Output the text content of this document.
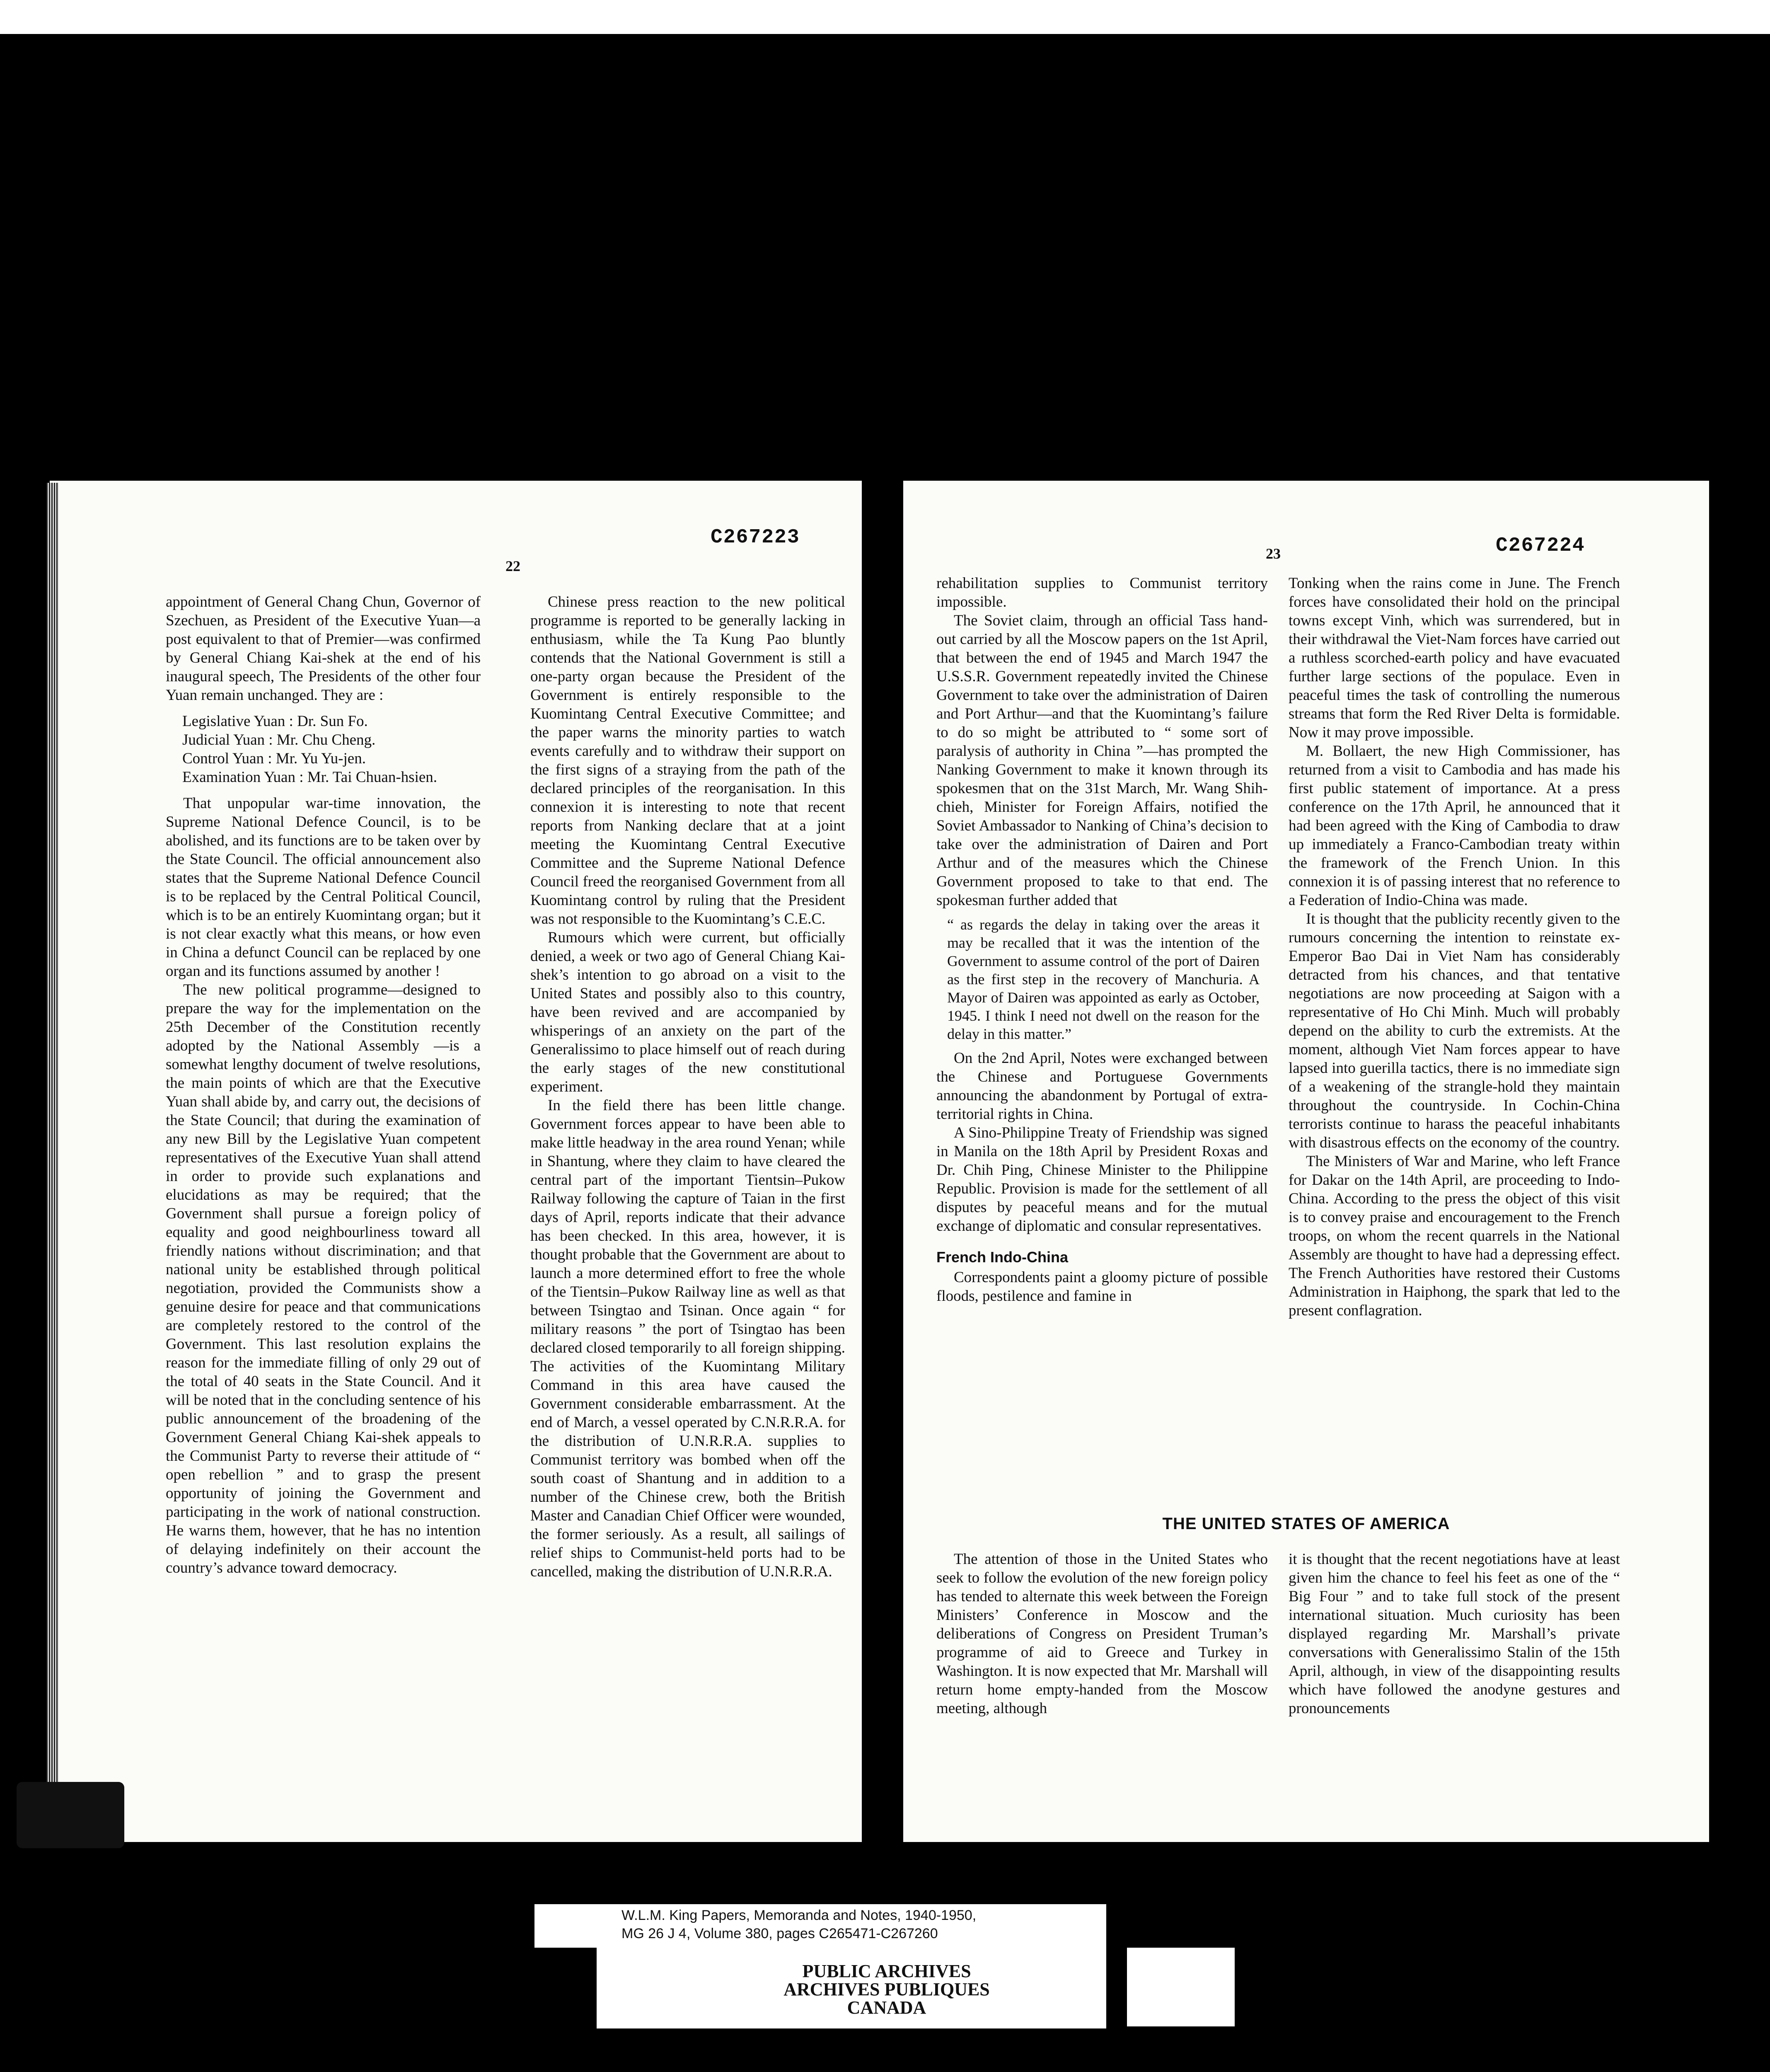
C267223
22

appointment of General Chang Chun, Governor of Szechuen, as President of the Executive Yuan—a post equivalent to that of Premier—was confirmed by General Chiang Kai-shek at the end of his inaugural speech, The Presidents of the other four Yuan remain unchanged. They are :

Legislative Yuan : Dr. Sun Fo.
Judicial Yuan : Mr. Chu Cheng.
Control Yuan : Mr. Yu Yu-jen.
Examination Yuan : Mr. Tai Chuan-hsien.

That unpopular war-time innovation, the Supreme National Defence Council, is to be abolished, and its functions are to be taken over by the State Council. The official announcement also states that the Supreme National Defence Council is to be replaced by the Central Political Council, which is to be an entirely Kuomintang organ; but it is not clear exactly what this means, or how even in China a defunct Council can be replaced by one organ and its functions assumed by another !

The new political programme—designed to prepare the way for the implementation on the 25th December of the Constitution recently adopted by the National Assembly —is a somewhat lengthy document of twelve resolutions, the main points of which are that the Executive Yuan shall abide by, and carry out, the decisions of the State Council; that during the examination of any new Bill by the Legislative Yuan competent representatives of the Executive Yuan shall attend in order to provide such explanations and elucidations as may be required; that the Government shall pursue a foreign policy of equality and good neighbourliness toward all friendly nations without discrimination; and that national unity be established through political negotiation, provided the Communists show a genuine desire for peace and that communications are completely restored to the control of the Government. This last resolution explains the reason for the immediate filling of only 29 out of the total of 40 seats in the State Council. And it will be noted that in the concluding sentence of his public announcement of the broadening of the Government General Chiang Kai-shek appeals to the Communist Party to reverse their attitude of “ open rebellion ” and to grasp the present opportunity of joining the Government and participating in the work of national construction. He warns them, however, that he has no intention of delaying indefinitely on their account the country’s advance toward democracy.

Chinese press reaction to the new political programme is reported to be generally lacking in enthusiasm, while the Ta Kung Pao bluntly contends that the National Government is still a one-party organ because the President of the Government is entirely responsible to the Kuomintang Central Executive Committee; and the paper warns the minority parties to watch events carefully and to withdraw their support on the first signs of a straying from the path of the declared principles of the reorganisation. In this connexion it is interesting to note that recent reports from Nanking declare that at a joint meeting the Kuomintang Central Executive Committee and the Supreme National Defence Council freed the reorganised Government from all Kuomintang control by ruling that the President was not responsible to the Kuomintang’s C.E.C.

Rumours which were current, but officially denied, a week or two ago of General Chiang Kai-shek’s intention to go abroad on a visit to the United States and possibly also to this country, have been revived and are accompanied by whisperings of an anxiety on the part of the Generalissimo to place himself out of reach during the early stages of the new constitutional experiment.

In the field there has been little change. Government forces appear to have been able to make little headway in the area round Yenan; while in Shantung, where they claim to have cleared the central part of the important Tientsin–Pukow Railway following the capture of Taian in the first days of April, reports indicate that their advance has been checked. In this area, however, it is thought probable that the Government are about to launch a more determined effort to free the whole of the Tientsin–Pukow Railway line as well as that between Tsingtao and Tsinan. Once again “ for military reasons ” the port of Tsingtao has been declared closed temporarily to all foreign shipping. The activities of the Kuomintang Military Command in this area have caused the Government considerable embarrassment. At the end of March, a vessel operated by C.N.R.R.A. for the distribution of U.N.R.R.A. supplies to Communist territory was bombed when off the south coast of Shantung and in addition to a number of the Chinese crew, both the British Master and Canadian Chief Officer were wounded, the former seriously. As a result, all sailings of relief ships to Communist-held ports had to be cancelled, making the distribution of U.N.R.R.A.

23	C267224

rehabilitation supplies to Communist territory impossible.

The Soviet claim, through an official Tass hand-out carried by all the Moscow papers on the 1st April, that between the end of 1945 and March 1947 the U.S.S.R. Government repeatedly invited the Chinese Government to take over the administration of Dairen and Port Arthur—and that the Kuomintang’s failure to do so might be attributed to “ some sort of paralysis of authority in China ”—has prompted the Nanking Government to make it known through its spokesmen that on the 31st March, Mr. Wang Shih-chieh, Minister for Foreign Affairs, notified the Soviet Ambassador to Nanking of China’s decision to take over the administration of Dairen and Port Arthur and of the measures which the Chinese Government proposed to take to that end. The spokesman further added that

“ as regards the delay in taking over the areas it may be recalled that it was the intention of the Government to assume control of the port of Dairen as the first step in the recovery of Manchuria. A Mayor of Dairen was appointed as early as October, 1945. I think I need not dwell on the reason for the delay in this matter.”

On the 2nd April, Notes were exchanged between the Chinese and Portuguese Governments announcing the abandonment by Portugal of extra-territorial rights in China.

A Sino-Philippine Treaty of Friendship was signed in Manila on the 18th April by President Roxas and Dr. Chih Ping, Chinese Minister to the Philippine Republic. Provision is made for the settlement of all disputes by peaceful means and for the mutual exchange of diplomatic and consular representatives.

French Indo-China

Correspondents paint a gloomy picture of possible floods, pestilence and famine in

Tonking when the rains come in June. The French forces have consolidated their hold on the principal towns except Vinh, which was surrendered, but in their withdrawal the Viet-Nam forces have carried out a ruthless scorched-earth policy and have evacuated further large sections of the populace. Even in peaceful times the task of controlling the numerous streams that form the Red River Delta is formidable. Now it may prove impossible.

M. Bollaert, the new High Commissioner, has returned from a visit to Cambodia and has made his first public statement of importance. At a press conference on the 17th April, he announced that it had been agreed with the King of Cambodia to draw up immediately a Franco-Cambodian treaty within the framework of the French Union. In this connexion it is of passing interest that no reference to a Federation of Indio-China was made.

It is thought that the publicity recently given to the rumours concerning the intention to reinstate ex-Emperor Bao Dai in Viet Nam has considerably detracted from his chances, and that tentative negotiations are now proceeding at Saigon with a representative of Ho Chi Minh. Much will probably depend on the ability to curb the extremists. At the moment, although Viet Nam forces appear to have lapsed into guerilla tactics, there is no immediate sign of a weakening of the strangle-hold they maintain throughout the countryside. In Cochin-China terrorists continue to harass the peaceful inhabitants with disastrous effects on the economy of the country.

The Ministers of War and Marine, who left France for Dakar on the 14th April, are proceeding to Indo-China. According to the press the object of this visit is to convey praise and encouragement to the French troops, on whom the recent quarrels in the National Assembly are thought to have had a depressing effect. The French Authorities have restored their Customs Administration in Haiphong, the spark that led to the present conflagration.

THE UNITED STATES OF AMERICA

The attention of those in the United States who seek to follow the evolution of the new foreign policy has tended to alternate this week between the Foreign Ministers’ Conference in Moscow and the deliberations of Congress on President Truman’s programme of aid to Greece and Turkey in Washington. It is now expected that Mr. Marshall will return home empty-handed from the Moscow meeting, although

it is thought that the recent negotiations have at least given him the chance to feel his feet as one of the “ Big Four ” and to take full stock of the present international situation. Much curiosity has been displayed regarding Mr. Marshall’s private conversations with Generalissimo Stalin of the 15th April, although, in view of the disappointing results which have followed the anodyne gestures and pronouncements

W.L.M. King Papers, Memoranda and Notes, 1940-1950,
MG 26 J 4, Volume 380, pages C265471-C267260
PUBLIC ARCHIVES
ARCHIVES PUBLIQUES
CANADA
